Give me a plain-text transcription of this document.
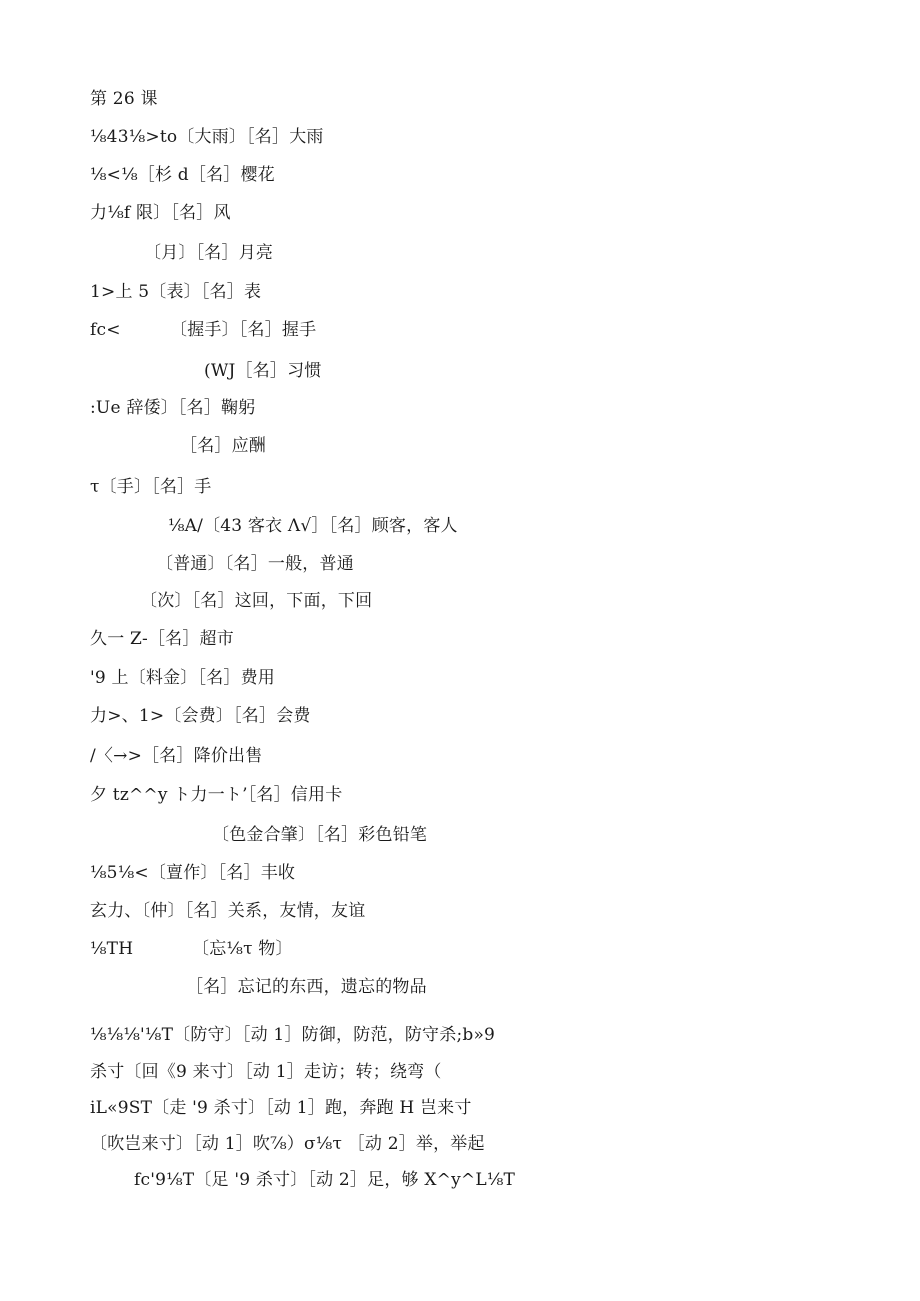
第 26 课
⅛43⅛>to〔大雨〕［名］大雨
⅛<⅛［杉 d［名］樱花
力⅛f 限〕［名］风
〔月〕［名］月亮
1>上 5〔表〕［名］表
fc<	〔握手〕［名］握手
(WJ［名］习惯
:Ue 辞倭〕［名］鞠躬
［名］应酬
τ〔手〕［名］手
⅛A/〔43 客衣 Λ√］［名］顾客，客人
〔普通〕〔名］一般，普通
〔次〕［名］这回，下面，下回
久一 Z-［名］超市
'9 上〔料金〕［名］费用
力>、1>〔会费〕［名］会费
/〈→>［名］降价出售
夕 tz^^y ト力一ト’［名］信用卡
〔色金合肇〕［名］彩色铅笔
⅛5⅛<〔亶作〕［名］丰收
玄力、〔仲〕［名］关系，友情，友谊
⅛TH	〔忘⅛τ 物〕
［名］忘记的东西，遗忘的物品
⅛⅛⅛'⅛T〔防守〕［动 1］防御，防范，防守杀;b»9
杀寸〔回《9 来寸〕［动 1］走访；转；绕弯（
iL«9ST〔走 '9 杀寸〕［动 1］跑，奔跑 H 岂来寸
〔吹岂来寸〕［动 1］吹⅞）σ⅛τ ［动 2］举，举起
fc'9⅛T〔足 '9 杀寸〕［动 2］足，够 X^y^L⅛T
